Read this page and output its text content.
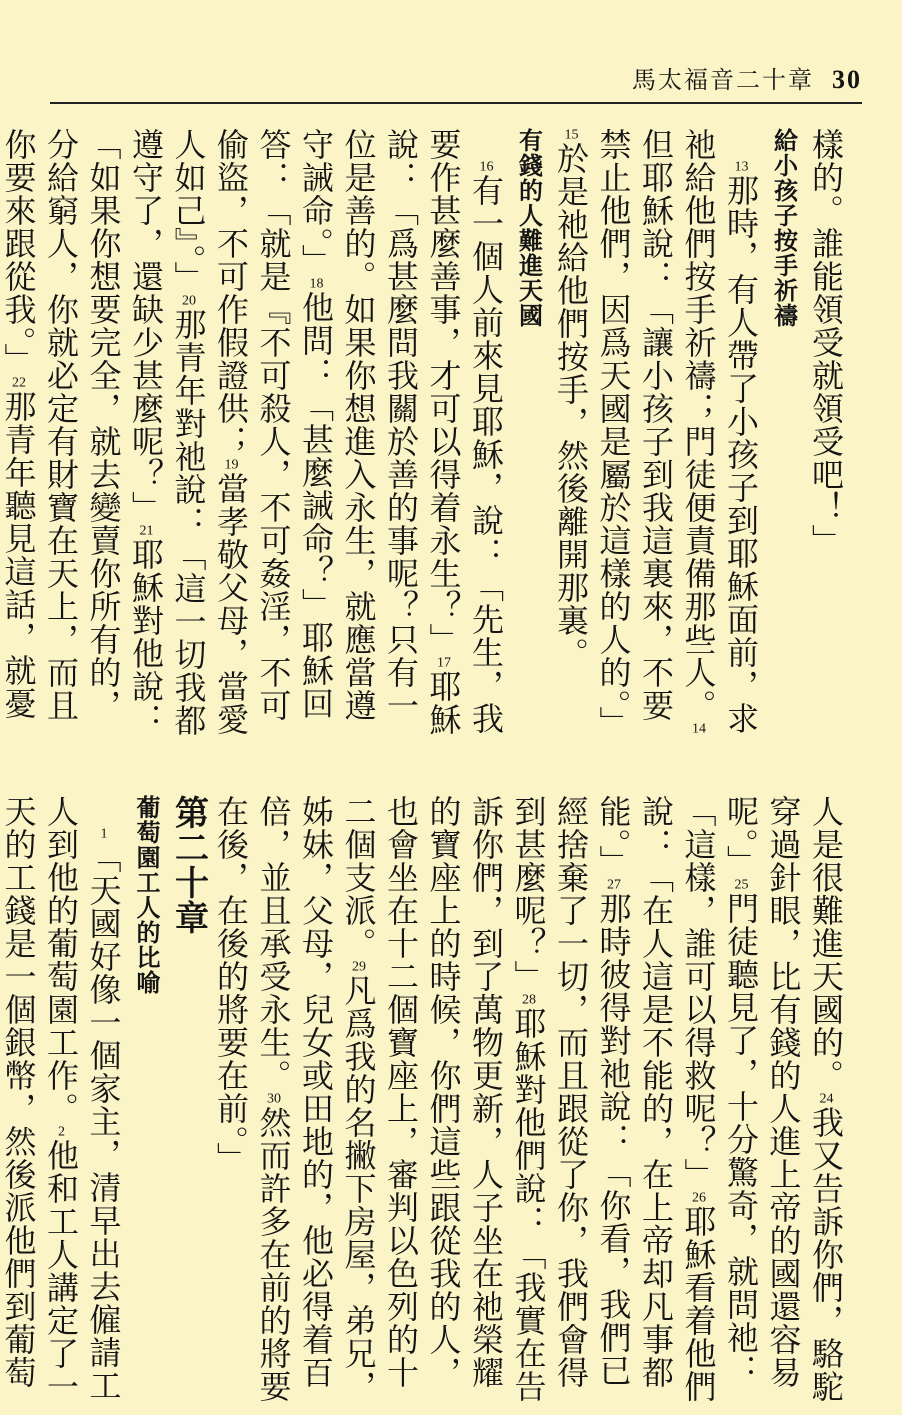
馬太福音二十章 30

樣的。誰能領受就領受吧！」

給小孩子按手祈禱

13那時，有人帶了小孩子到耶穌面前，求祂給他們按手祈禱；門徒便責備那些人。14但耶穌說：「讓小孩子到我這裏來，不要禁止他們，因爲天國是屬於這樣的人的。」15於是祂給他們按手，然後離開那裏。

有錢的人難進天國

16有一個人前來見耶穌，說：「先生，我要作甚麼善事，才可以得着永生？」17耶穌說：「爲甚麼問我關於善的事呢？只有一位是善的。如果你想進入永生，就應當遵守誡命。」18他問：「甚麼誡命？」耶穌回答：「就是『不可殺人，不可姦淫，不可偷盜，不可作假證供；19當孝敬父母，當愛人如己』。」20那青年對祂說：「這一切我都遵守了，還缺少甚麼呢？」21耶穌對他說：「如果你想要完全，就去變賣你所有的，分給窮人，你就必定有財寶在天上，而且你要來跟從我。」22那青年聽見這話，就憂

人是很難進天國的。24我又告訴你們，駱駝穿過針眼，比有錢的人進上帝的國還容易呢。」25門徒聽見了，十分驚奇，就問祂：「這樣，誰可以得救呢？」26耶穌看着他們說：「在人這是不能的，在上帝却凡事都能。」27那時彼得對祂說：「你看，我們已經捨棄了一切，而且跟從了你，我們會得到甚麼呢？」28耶穌對他們說：「我實在告訴你們，到了萬物更新，人子坐在祂榮耀的寶座上的時候，你們這些跟從我的人，也會坐在十二個寶座上，審判以色列的十二個支派。29凡爲我的名撇下房屋，弟兄，姊妹，父母，兒女或田地的，他必得着百倍，並且承受永生。30然而許多在前的將要在後，在後的將要在前。」

第二十章

葡萄園工人的比喻

1「天國好像一個家主，清早出去僱請工人到他的葡萄園工作。2他和工人講定了一天的工錢是一個銀幣，然後派他們到葡萄
